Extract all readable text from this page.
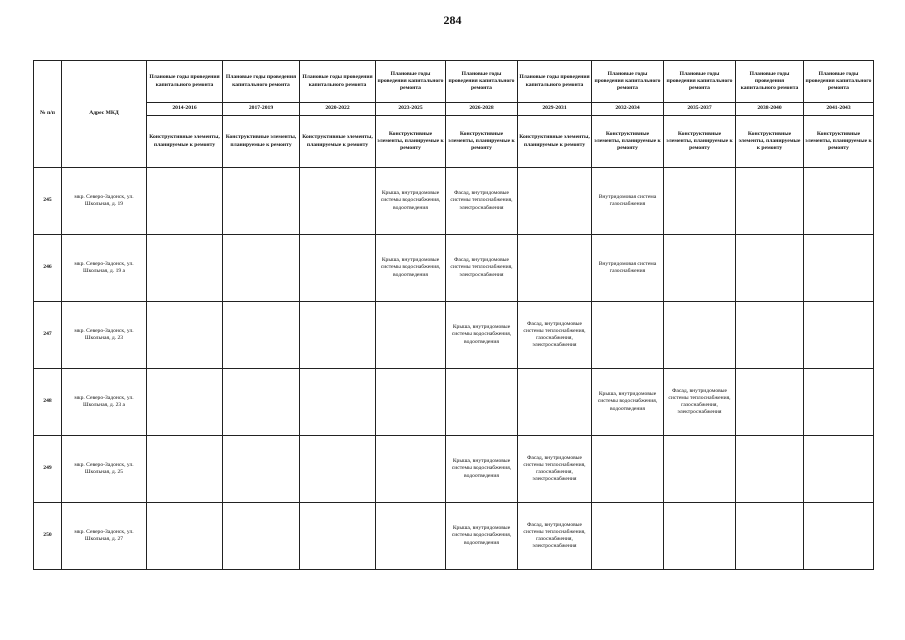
284
№ п/п	Адрес МКД	Плановые годы проведения капитального ремонта	Плановые годы проведения капитального ремонта	Плановые годы проведения капитального ремонта	Плановые годы проведения капитального ремонта	Плановые годы проведения капитального ремонта	Плановые годы проведения капитального ремонта	Плановые годы проведения капитального ремонта	Плановые годы проведения капитального ремонта	Плановые годы проведения капитального ремонта	Плановые годы проведения капитального ремонта
		2014-2016	2017-2019	2020-2022	2023-2025	2026-2028	2029-2031	2032-2034	2035-2037	2038-2040	2041-2043
		Конструктивные элементы, планируемые к ремонту	Конструктивные элементы, планируемые к ремонту	Конструктивные элементы, планируемые к ремонту	Конструктивные элементы, планируемые к ремонту	Конструктивные элементы, планируемые к ремонту	Конструктивные элементы, планируемые к ремонту	Конструктивные элементы, планируемые к ремонту	Конструктивные элементы, планируемые к ремонту	Конструктивные элементы, планируемые к ремонту	Конструктивные элементы, планируемые к ремонту
245	мкр. Северо-Задонск, ул. Школьная, д. 19				Крыша, внутридомовые системы водоснабжения, водоотведения	Фасад, внутридомовые системы теплоснабжения, электроснабжения		Внутридомовая система газоснабжения			
246	мкр. Северо-Задонск, ул. Школьная, д. 19 а				Крыша, внутридомовые системы водоснабжения, водоотведения	Фасад, внутридомовые системы теплоснабжения, электроснабжения		Внутридомовая система газоснабжения			
247	мкр. Северо-Задонск, ул. Школьная, д. 23					Крыша, внутридомовые системы водоснабжения, водоотведения	Фасад, внутридомовые системы теплоснабжения, газоснабжения, электроснабжения				
248	мкр. Северо-Задонск, ул. Школьная, д. 23 а							Крыша, внутридомовые системы водоснабжения, водоотведения	Фасад, внутридомовые системы теплоснабжения, газоснабжения, электроснабжения		
249	мкр. Северо-Задонск, ул. Школьная, д. 25					Крыша, внутридомовые системы водоснабжения, водоотведения	Фасад, внутридомовые системы теплоснабжения, газоснабжения, электроснабжения				
250	мкр. Северо-Задонск, ул. Школьная, д. 27					Крыша, внутридомовые системы водоснабжения, водоотведения	Фасад, внутридомовые системы теплоснабжения, газоснабжения, электроснабжения				
